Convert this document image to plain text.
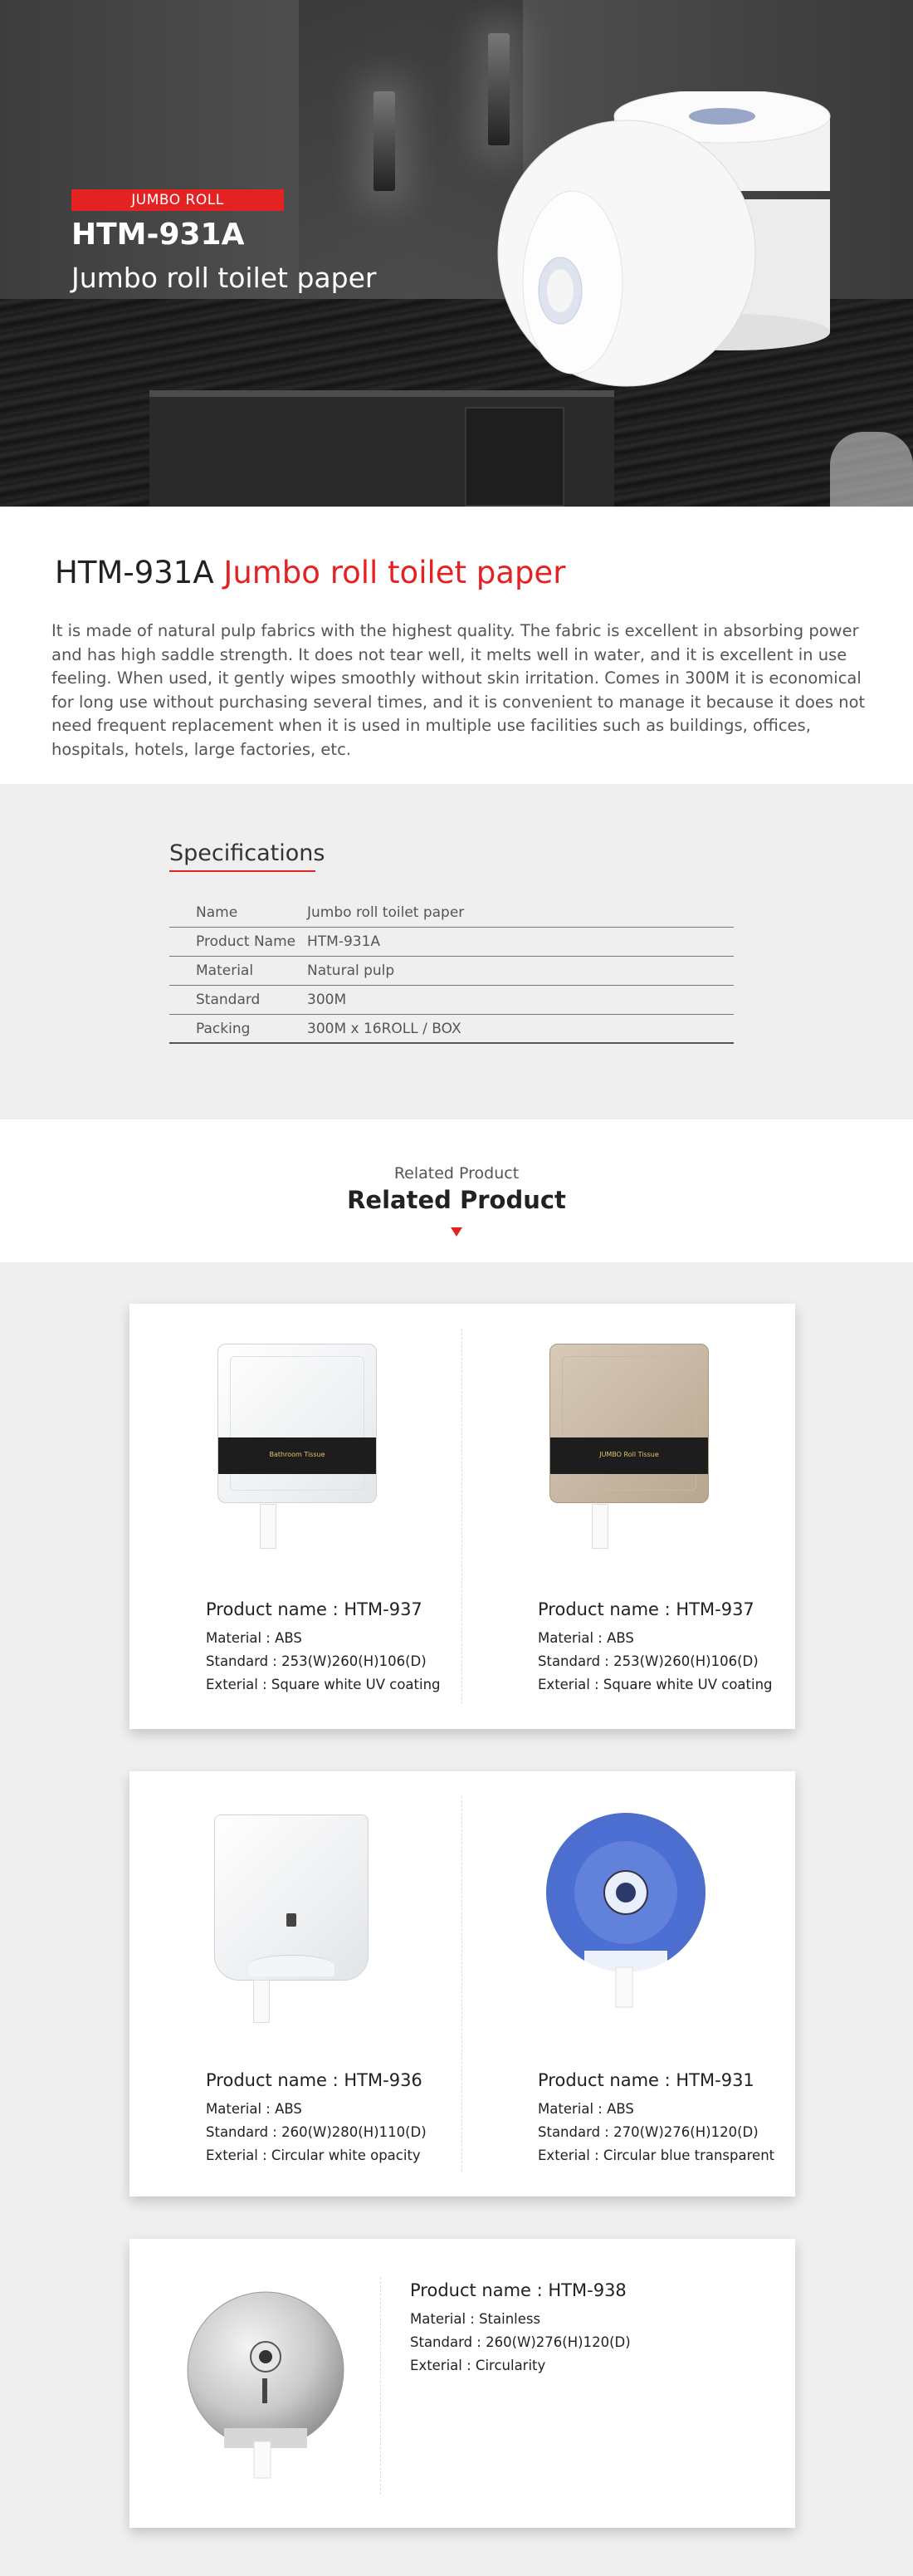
JUMBO ROLL
HTM-931A
Jumbo roll toilet paper
HTM-931A Jumbo roll toilet paper
It is made of natural pulp fabrics with the highest quality. The fabric is excellent in absorbing power and has high saddle strength. It does not tear well, it melts well in water, and it is excellent in use feeling. When used, it gently wipes smoothly without skin irritation. Comes in 300M it is economical for long use without purchasing several times, and it is convenient to manage it because it does not need frequent replacement when it is used in multiple use facilities such as buildings, offices, hospitals, hotels, large factories, etc.
Specifications
Name	Jumbo roll toilet paper
Product Name HTM-931A
Material	Natural pulp
Standard	300M
Packing	300M x 16ROLL / BOX
Related Product
Related Product
Bathroom Tissue
Product name : HTM-937
Material : ABS
Standard : 253(W)260(H)106(D)
Exterial : Square white UV coating
JUMBO Roll Tissue
Product name : HTM-937
Material : ABS
Standard : 253(W)260(H)106(D)
Exterial : Square white UV coating
Product name : HTM-936
Material : ABS
Standard : 260(W)280(H)110(D)
Exterial : Circular white opacity
Product name : HTM-931
Material : ABS
Standard : 270(W)276(H)120(D)
Exterial : Circular blue transparent
Product name : HTM-938
Material : Stainless
Standard : 260(W)276(H)120(D)
Exterial : Circularity
